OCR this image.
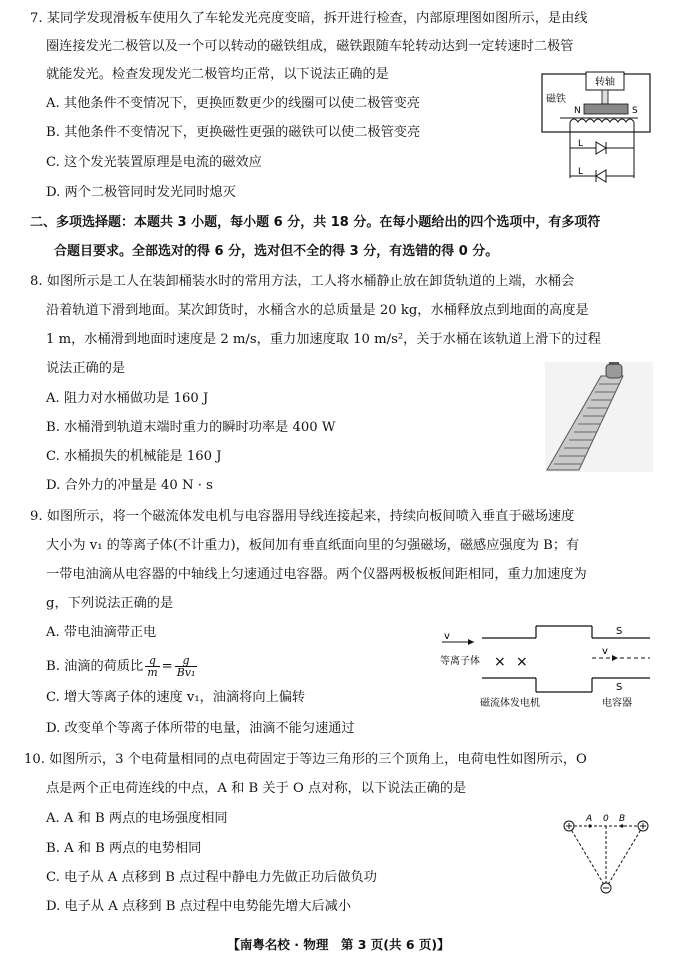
7. 某同学发现滑板车使用久了车轮发光亮度变暗，拆开进行检查，内部原理图如图所示，是由线
圈连接发光二极管以及一个可以转动的磁铁组成，磁铁跟随车轮转动达到一定转速时二极管
就能发光。检查发现发光二极管均正常，以下说法正确的是
A. 其他条件不变情况下，更换匝数更少的线圈可以使二极管变亮
B. 其他条件不变情况下，更换磁性更强的磁铁可以使二极管变亮
C. 这个发光装置原理是电流的磁效应
D. 两个二极管同时发光同时熄灭
转轴
磁铁
N	S
L
L
二、多项选择题：本题共 3 小题，每小题 6 分，共 18 分。在每小题给出的四个选项中，有多项符
合题目要求。全部选对的得 6 分，选对但不全的得 3 分，有选错的得 0 分。
8. 如图所示是工人在装卸桶装水时的常用方法，工人将水桶静止放在卸货轨道的上端，水桶会
沿着轨道下滑到地面。某次卸货时，水桶含水的总质量是 20 kg，水桶释放点到地面的高度是
1 m，水桶滑到地面时速度是 2 m/s，重力加速度取 10 m/s²，关于水桶在该轨道上滑下的过程
说法正确的是
A. 阻力对水桶做功是 160 J
B. 水桶滑到轨道末端时重力的瞬时功率是 400 W
C. 水桶损失的机械能是 160 J
D. 合外力的冲量是 40 N · s
9. 如图所示，将一个磁流体发电机与电容器用导线连接起来，持续向板间喷入垂直于磁场速度
大小为 v₁ 的等离子体(不计重力)，板间加有垂直纸面向里的匀强磁场，磁感应强度为 B；有
一带电油滴从电容器的中轴线上匀速通过电容器。两个仪器两极板板间距相同，重力加速度为
g，下列说法正确的是
A. 带电油滴带正电
B. 油滴的荷质比 $\frac{q}{m} = \frac{g}{\text{Bv₁}}$
C. 增大等离子体的速度 v₁，油滴将向上偏转
D. 改变单个等离子体所带的电量，油滴不能匀速通过
v
等离子体 × ×
S
v
S
磁流体发电机	电容器
10. 如图所示，3 个电荷量相同的点电荷固定于等边三角形的三个顶角上，电荷电性如图所示，O
点是两个正电荷连线的中点，A 和 B 关于 O 点对称，以下说法正确的是
A. A 和 B 两点的电场强度相同
B. A 和 B 两点的电势相同
C. 电子从 A 点移到 B 点过程中静电力先做正功后做负功
D. 电子从 A 点移到 B 点过程中电势能先增大后减小
A 0 B
【南粤名校 · 物理　第 3 页(共 6 页)】
